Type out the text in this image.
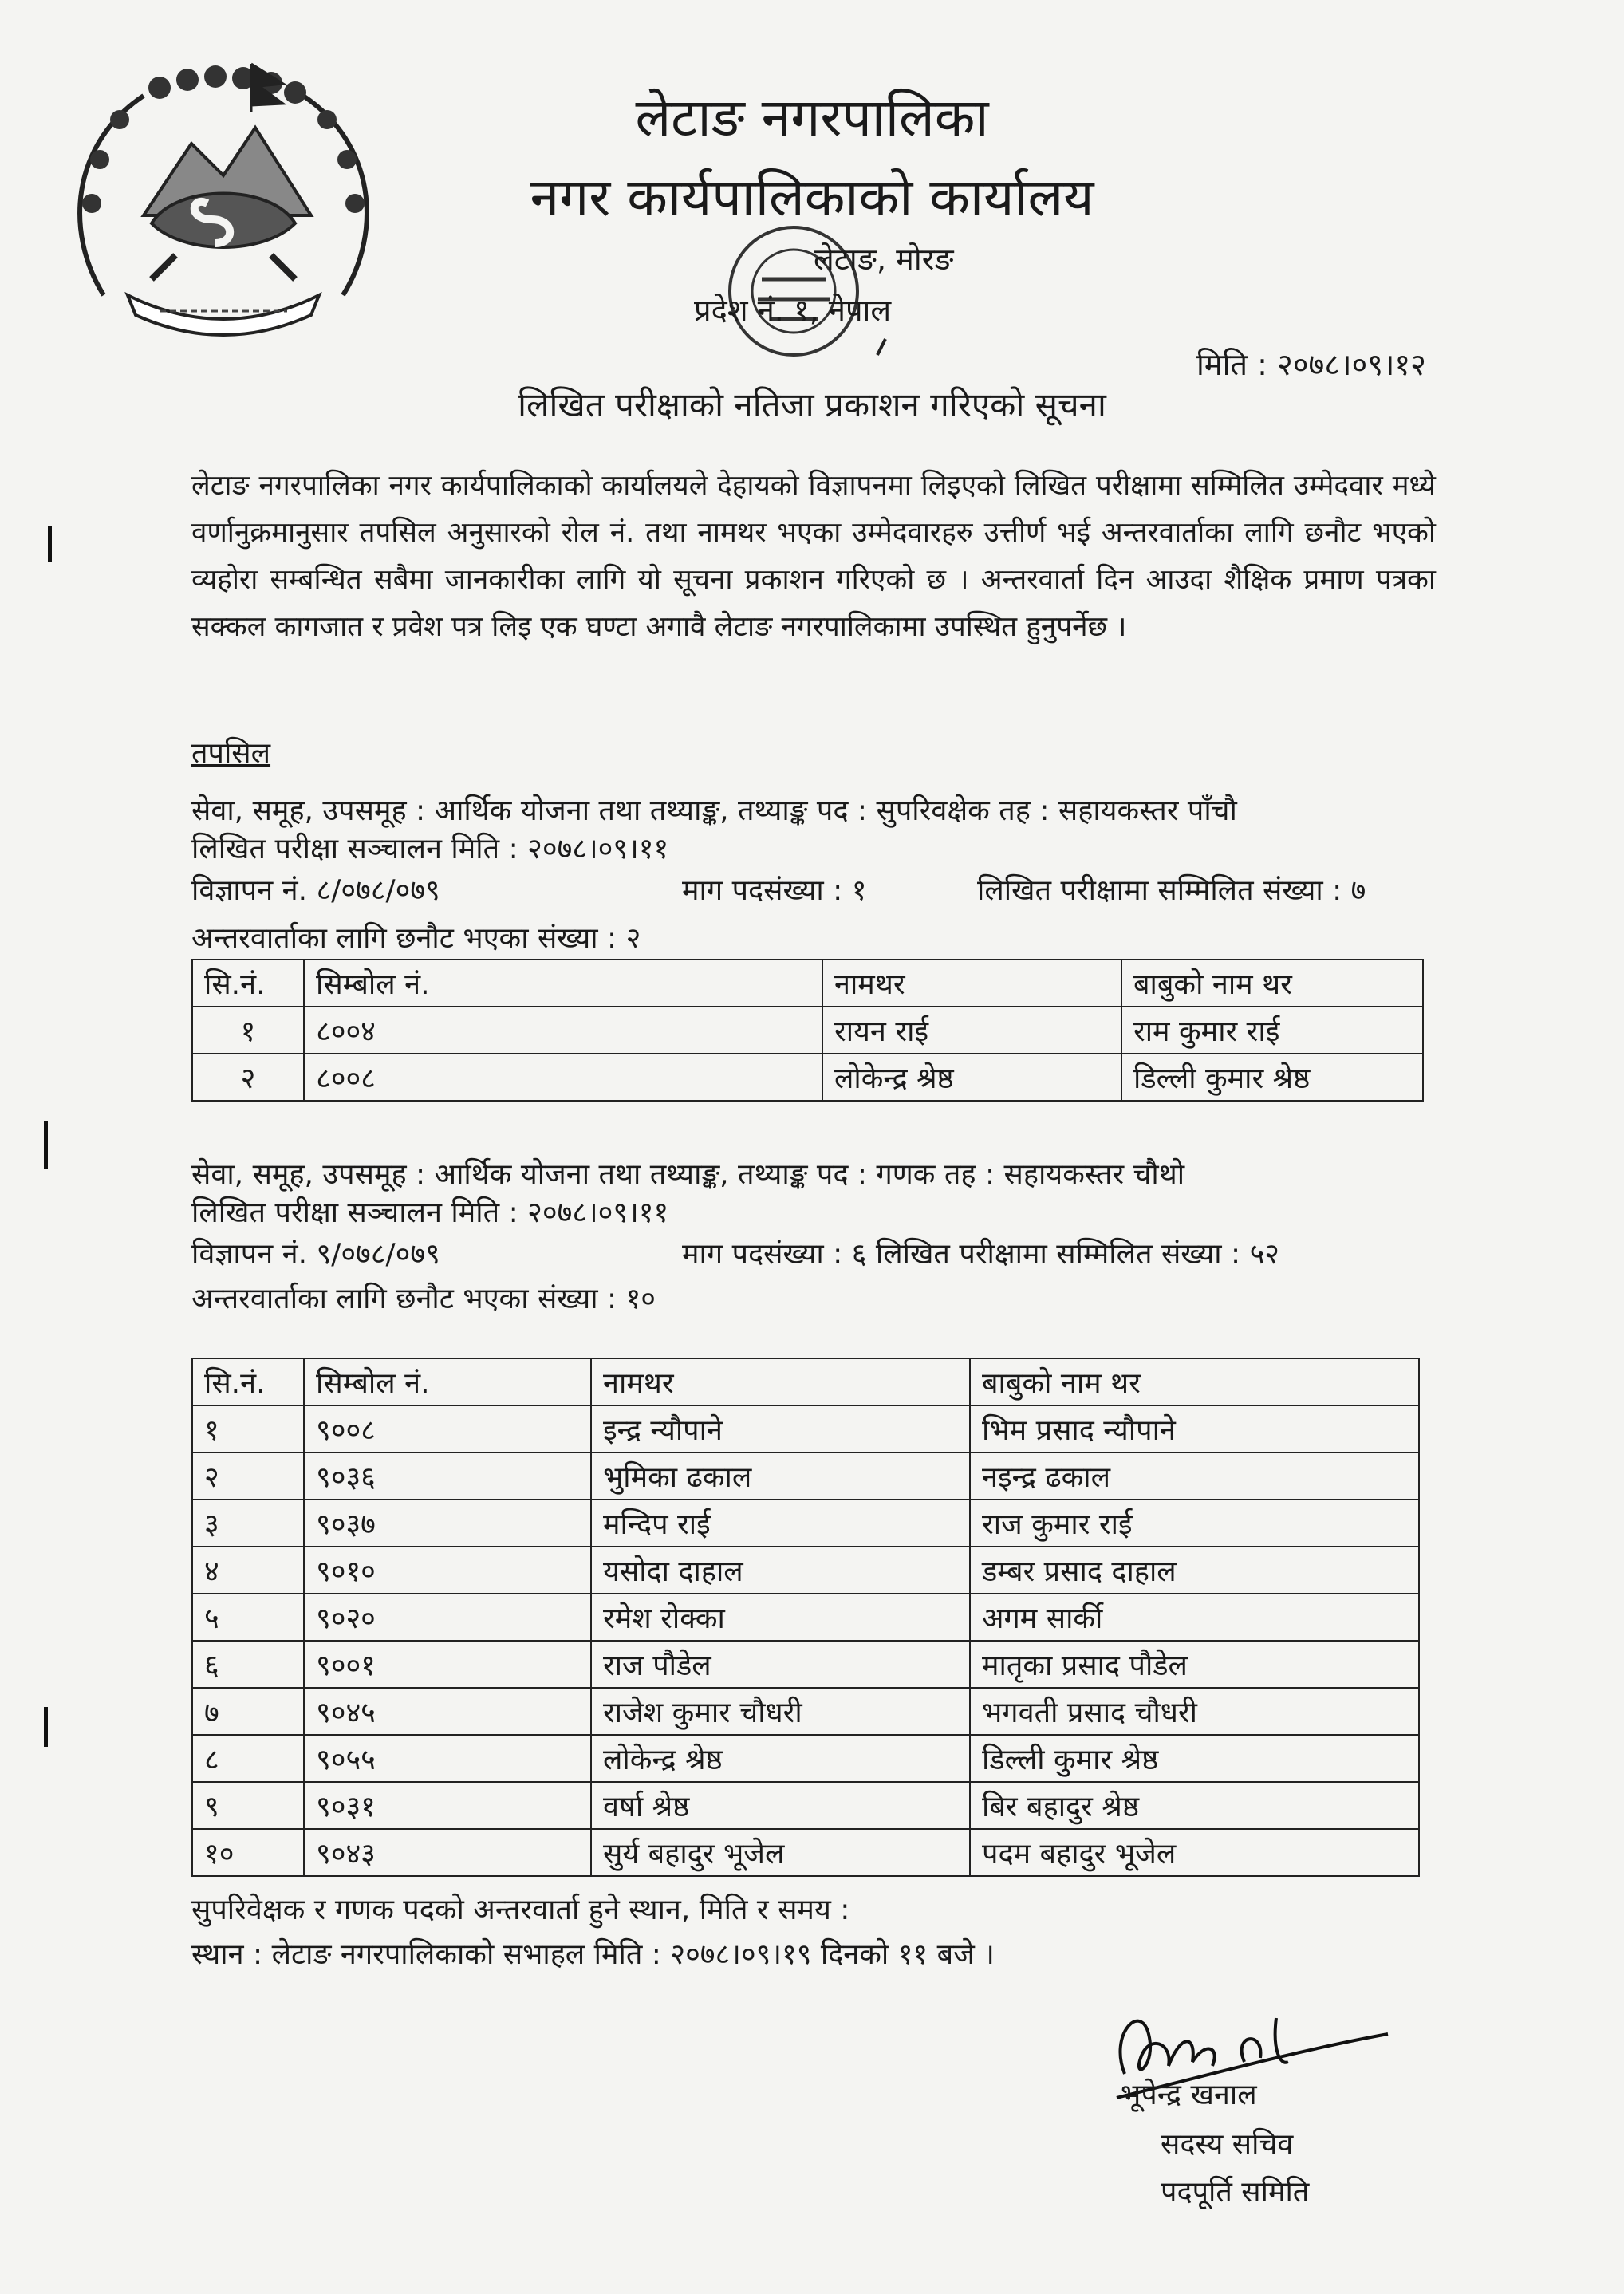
लेटाङ नगरपालिका
नगर कार्यपालिकाको कार्यालय
लेटाङ, मोरङ
प्रदेश नं. १, नेपाल
मिति : २०७८।०९।१२
लिखित परीक्षाको नतिजा प्रकाशन गरिएको सूचना
लेटाङ नगरपालिका नगर कार्यपालिकाको कार्यालयले देहायको विज्ञापनमा लिइएको लिखित परीक्षामा सम्मिलित उम्मेदवार मध्ये वर्णानुक्रमानुसार तपसिल अनुसारको रोल नं. तथा नामथर भएका उम्मेदवारहरु उत्तीर्ण भई अन्तरवार्ताका लागि छनौट भएको व्यहोरा सम्बन्धित सबैमा जानकारीका लागि यो सूचना प्रकाशन गरिएको छ । अन्तरवार्ता दिन आउदा शैक्षिक प्रमाण पत्रका सक्कल कागजात र प्रवेश पत्र लिइ एक घण्टा अगावै लेटाङ नगरपालिकामा उपस्थित हुनुपर्नेछ ।
तपसिल
सेवा, समूह, उपसमूह : आर्थिक योजना तथा तथ्याङ्क, तथ्याङ्क पद : सुपरिवक्षेक तह : सहायकस्तर पाँचौ
लिखित परीक्षा सञ्चालन मिति : २०७८।०९।११
विज्ञापन नं. ८/०७८/०७९	माग पदसंख्या : १	लिखित परीक्षामा सम्मिलित संख्या : ७
अन्तरवार्ताका लागि छनौट भएका संख्या : २
सि.नं.	सिम्बोल नं.	नामथर	बाबुको नाम थर
१	८००४	रायन राई	राम कुमार राई
२	८००८	लोकेन्द्र श्रेष्ठ	डिल्ली कुमार श्रेष्ठ
सेवा, समूह, उपसमूह : आर्थिक योजना तथा तथ्याङ्क, तथ्याङ्क पद : गणक तह : सहायकस्तर चौथो
लिखित परीक्षा सञ्चालन मिति : २०७८।०९।११
विज्ञापन नं. ९/०७८/०७९	माग पदसंख्या : ६ लिखित परीक्षामा सम्मिलित संख्या : ५२
अन्तरवार्ताका लागि छनौट भएका संख्या : १०
सि.नं.	सिम्बोल नं.	नामथर	बाबुको नाम थर
१	९००८	इन्द्र न्यौपाने	भिम प्रसाद न्यौपाने
२	९०३६	भुमिका ढकाल	नइन्द्र ढकाल
३	९०३७	मन्दिप राई	राज कुमार राई
४	९०१०	यसोदा दाहाल	डम्बर प्रसाद दाहाल
५	९०२०	रमेश रोक्का	अगम सार्की
६	९००१	राज पौडेल	मातृका प्रसाद पौडेल
७	९०४५	राजेश कुमार चौधरी	भगवती प्रसाद चौधरी
८	९०५५	लोकेन्द्र श्रेष्ठ	डिल्ली कुमार श्रेष्ठ
९	९०३१	वर्षा श्रेष्ठ	बिर बहादुर श्रेष्ठ
१०	९०४३	सुर्य बहादुर भूजेल	पदम बहादुर भूजेल
सुपरिवेक्षक र गणक पदको अन्तरवार्ता हुने स्थान, मिति र समय :
स्थान : लेटाङ नगरपालिकाको सभाहल मिति : २०७८।०९।१९ दिनको ११ बजे ।
भूपेन्द्र खनाल
सदस्य सचिव
पदपूर्ति समिति
